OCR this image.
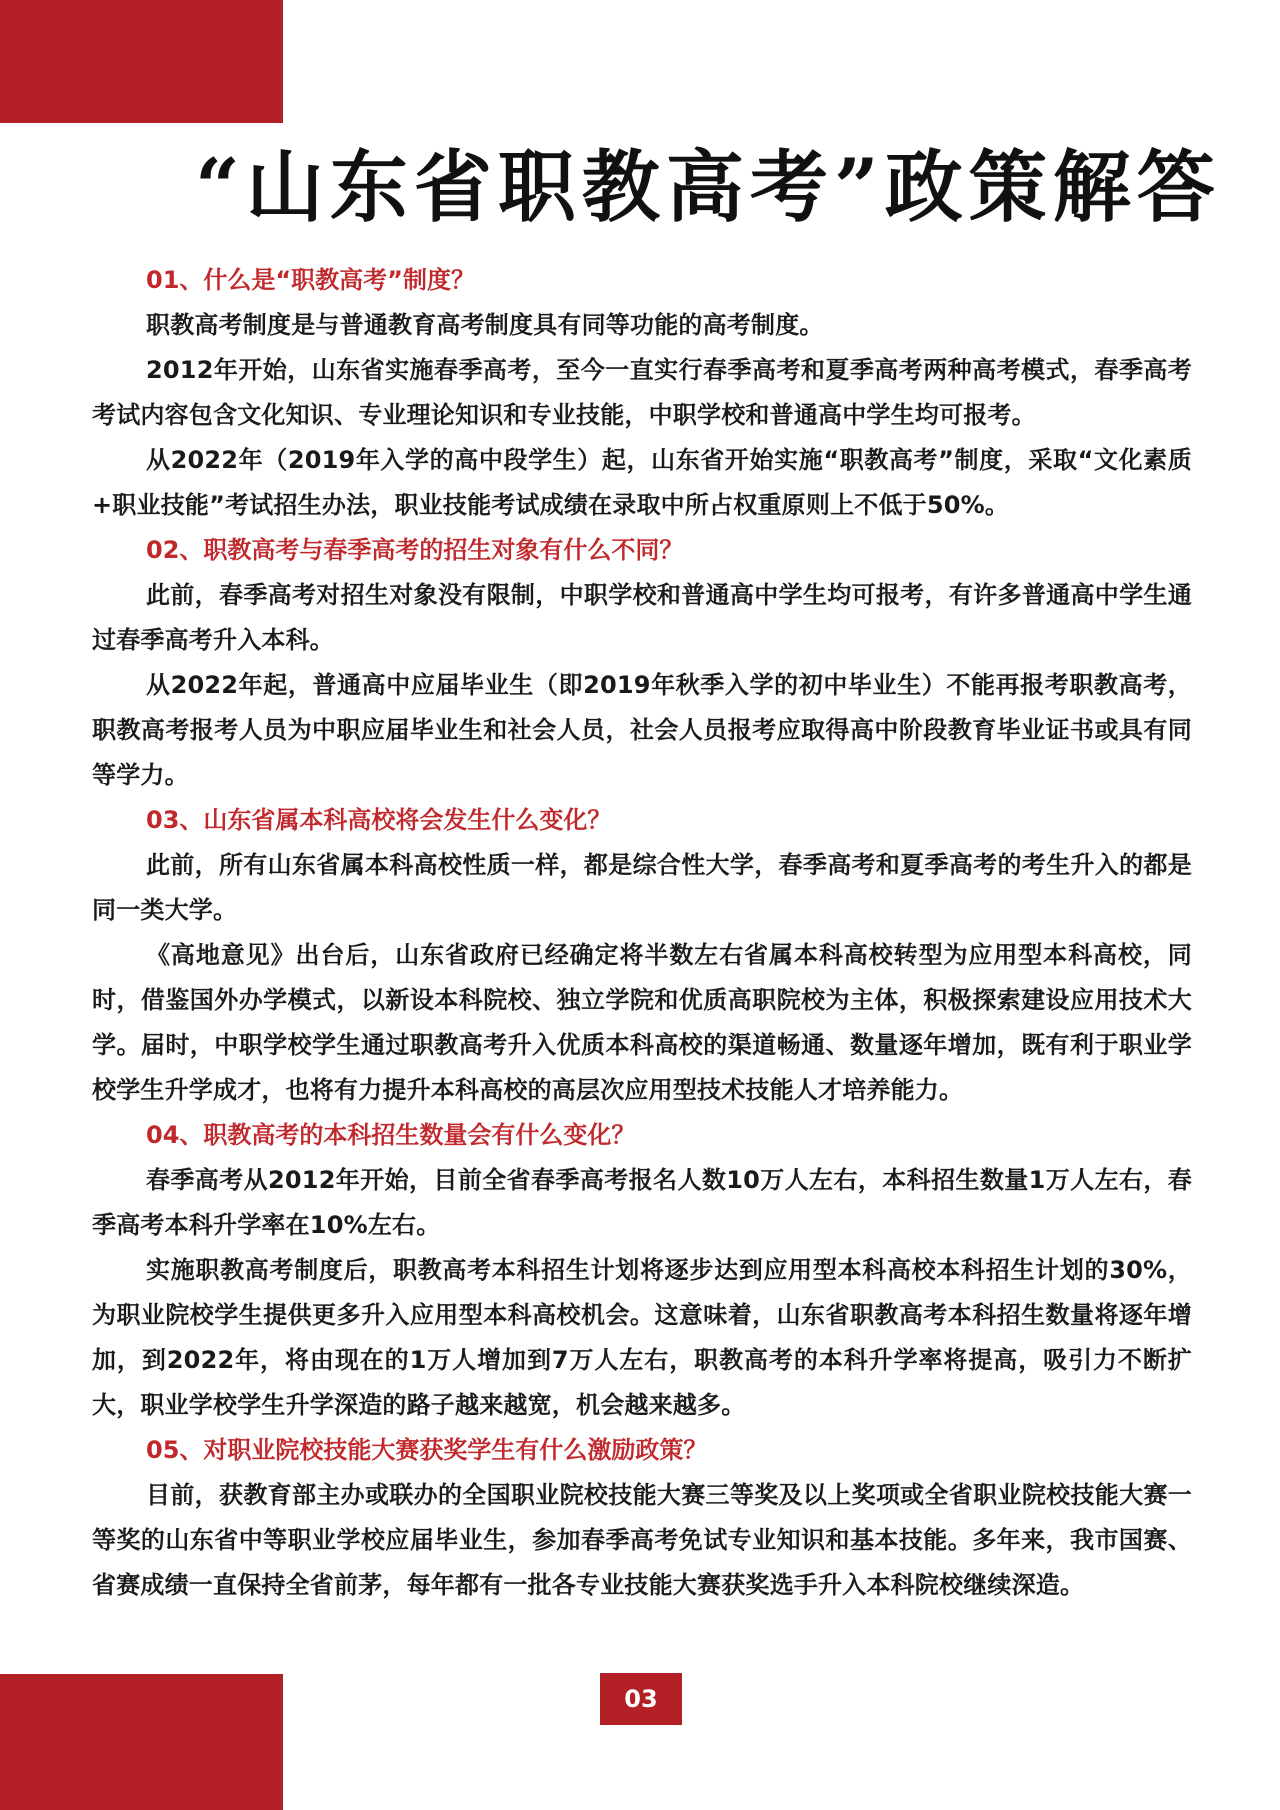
“山东省职教高考”政策解答

01、什么是“职教高考”制度？

职教高考制度是与普通教育高考制度具有同等功能的高考制度。

2012年开始，山东省实施春季高考，至今一直实行春季高考和夏季高考两种高考模式，春季高考考试内容包含文化知识、专业理论知识和专业技能，中职学校和普通高中学生均可报考。

从2022年（2019年入学的高中段学生）起，山东省开始实施“职教高考”制度，采取“文化素质+职业技能”考试招生办法，职业技能考试成绩在录取中所占权重原则上不低于50%。

02、职教高考与春季高考的招生对象有什么不同？

此前，春季高考对招生对象没有限制，中职学校和普通高中学生均可报考，有许多普通高中学生通过春季高考升入本科。

从2022年起，普通高中应届毕业生（即2019年秋季入学的初中毕业生）不能再报考职教高考，职教高考报考人员为中职应届毕业生和社会人员，社会人员报考应取得高中阶段教育毕业证书或具有同等学力。

03、山东省属本科高校将会发生什么变化？

此前，所有山东省属本科高校性质一样，都是综合性大学，春季高考和夏季高考的考生升入的都是同一类大学。

《高地意见》出台后，山东省政府已经确定将半数左右省属本科高校转型为应用型本科高校，同时，借鉴国外办学模式，以新设本科院校、独立学院和优质高职院校为主体，积极探索建设应用技术大学。届时，中职学校学生通过职教高考升入优质本科高校的渠道畅通、数量逐年增加，既有利于职业学校学生升学成才，也将有力提升本科高校的高层次应用型技术技能人才培养能力。

04、职教高考的本科招生数量会有什么变化？

春季高考从2012年开始，目前全省春季高考报名人数10万人左右，本科招生数量1万人左右，春季高考本科升学率在10%左右。

实施职教高考制度后，职教高考本科招生计划将逐步达到应用型本科高校本科招生计划的30%，为职业院校学生提供更多升入应用型本科高校机会。这意味着，山东省职教高考本科招生数量将逐年增加，到2022年，将由现在的1万人增加到7万人左右，职教高考的本科升学率将提高，吸引力不断扩大，职业学校学生升学深造的路子越来越宽，机会越来越多。

05、对职业院校技能大赛获奖学生有什么激励政策？

目前，获教育部主办或联办的全国职业院校技能大赛三等奖及以上奖项或全省职业院校技能大赛一等奖的山东省中等职业学校应届毕业生，参加春季高考免试专业知识和基本技能。多年来，我市国赛、省赛成绩一直保持全省前茅，每年都有一批各专业技能大赛获奖选手升入本科院校继续深造。

03
